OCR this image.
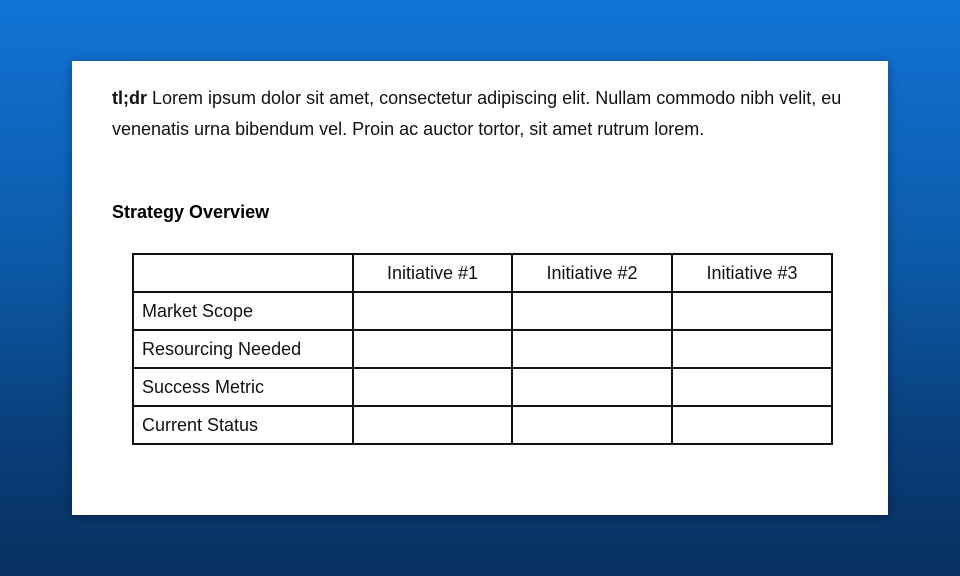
tl;dr Lorem ipsum dolor sit amet, consectetur adipiscing elit. Nullam commodo nibh velit, eu venenatis urna bibendum vel. Proin ac auctor tortor, sit amet rutrum lorem.

Strategy Overview
	Initiative #1	Initiative #2	Initiative #3
Market Scope			
Resourcing Needed			
Success Metric			
Current Status			
